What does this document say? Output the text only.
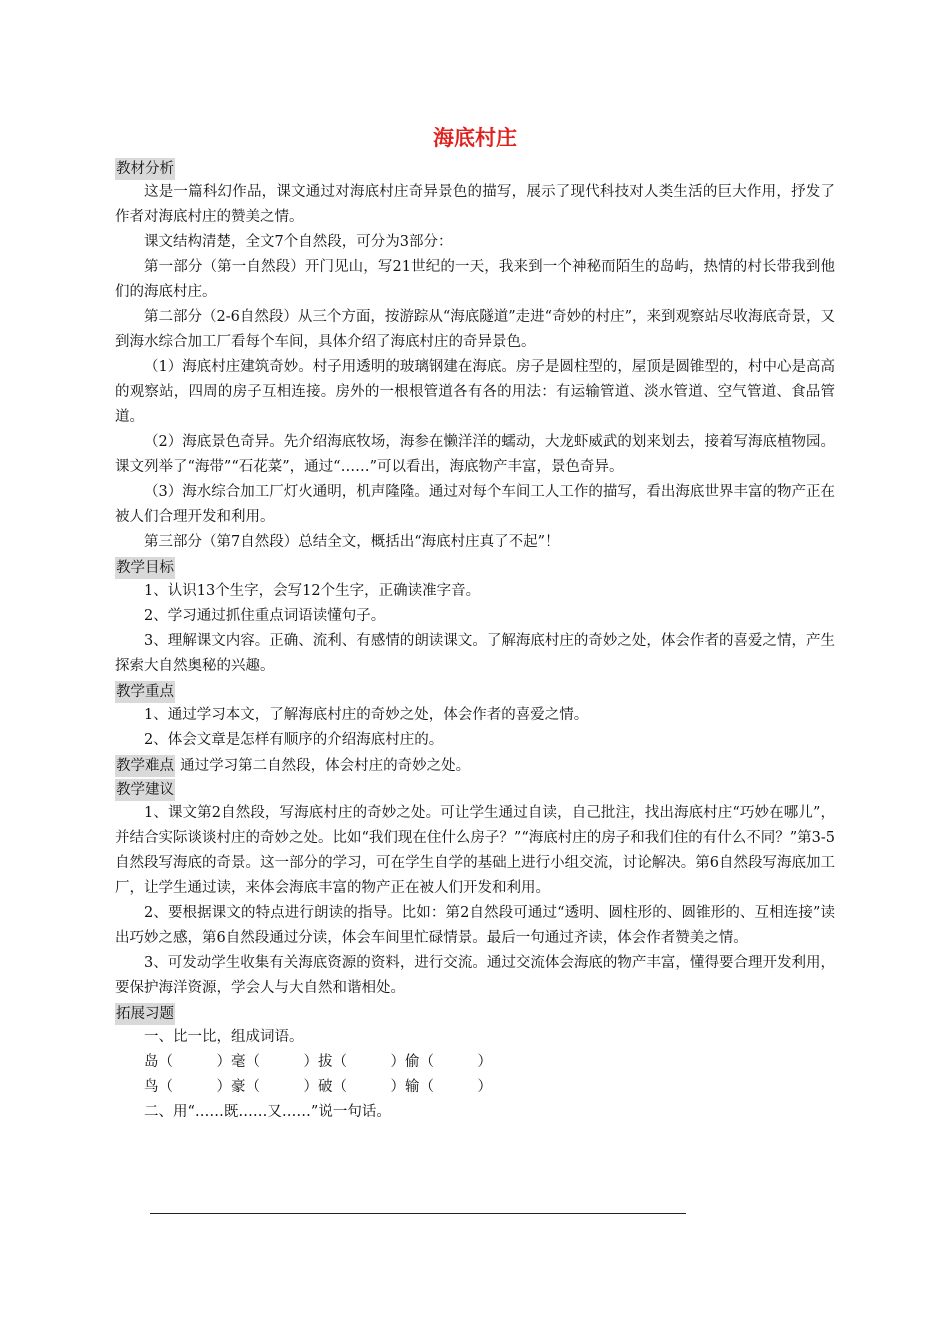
海底村庄
教材分析

这是一篇科幻作品，课文通过对海底村庄奇异景色的描写，展示了现代科技对人类生活的巨大作用，抒发了作者对海底村庄的赞美之情。

课文结构清楚，全文7个自然段，可分为3部分：

第一部分（第一自然段）开门见山，写21世纪的一天，我来到一个神秘而陌生的岛屿，热情的村长带我到他们的海底村庄。

第二部分（2-6自然段）从三个方面，按游踪从“海底隧道”走进“奇妙的村庄”，来到观察站尽收海底奇景，又到海水综合加工厂看每个车间，具体介绍了海底村庄的奇异景色。

（1）海底村庄建筑奇妙。村子用透明的玻璃钢建在海底。房子是圆柱型的，屋顶是圆锥型的，村中心是高高的观察站，四周的房子互相连接。房外的一根根管道各有各的用法：有运输管道、淡水管道、空气管道、食品管道。

（2）海底景色奇异。先介绍海底牧场，海参在懒洋洋的蠕动，大龙虾威武的划来划去，接着写海底植物园。课文列举了“海带”“石花菜”，通过“……”可以看出，海底物产丰富，景色奇异。

（3）海水综合加工厂灯火通明，机声隆隆。通过对每个车间工人工作的描写，看出海底世界丰富的物产正在被人们合理开发和利用。

第三部分（第7自然段）总结全文，概括出“海底村庄真了不起”！

教学目标

1、认识13个生字，会写12个生字，正确读准字音。

2、学习通过抓住重点词语读懂句子。

3、理解课文内容。正确、流利、有感情的朗读课文。了解海底村庄的奇妙之处，体会作者的喜爱之情，产生探索大自然奥秘的兴趣。

教学重点

1、通过学习本文，了解海底村庄的奇妙之处，体会作者的喜爱之情。

2、体会文章是怎样有顺序的介绍海底村庄的。

教学难点 通过学习第二自然段，体会村庄的奇妙之处。
教学建议

1、课文第2自然段，写海底村庄的奇妙之处。可让学生通过自读，自己批注，找出海底村庄“巧妙在哪儿”，并结合实际谈谈村庄的奇妙之处。比如“我们现在住什么房子？”“海底村庄的房子和我们住的有什么不同？”第3-5自然段写海底的奇景。这一部分的学习，可在学生自学的基础上进行小组交流，讨论解决。第6自然段写海底加工厂，让学生通过读，来体会海底丰富的物产正在被人们开发和利用。

2、要根据课文的特点进行朗读的指导。比如：第2自然段可通过“透明、圆柱形的、圆锥形的、互相连接”读出巧妙之感，第6自然段通过分读，体会车间里忙碌情景。最后一句通过齐读，体会作者赞美之情。

3、可发动学生收集有关海底资源的资料，进行交流。通过交流体会海底的物产丰富，懂得要合理开发利用，要保护海洋资源，学会人与大自然和谐相处。

拓展习题

一、比一比，组成词语。

岛（　　　）毫（　　　）拔（　　　）偷（　　　）
鸟（　　　）豪（　　　）破（　　　）输（　　　）

二、用“……既……又……”说一句话。
